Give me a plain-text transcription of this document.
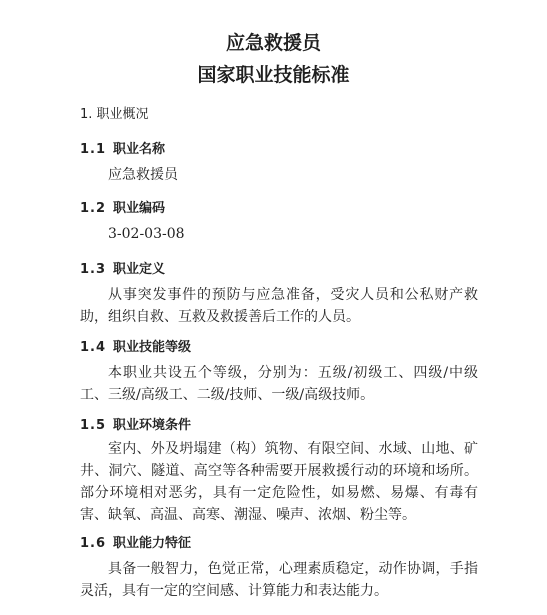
应急救援员
国家职业技能标准
1. 职业概况
1.1 职业名称
应急救援员
1.2 职业编码
3-02-03-08
1.3 职业定义
从事突发事件的预防与应急准备，受灾人员和公私财产救助，组织自救、互救及救援善后工作的人员。
1.4 职业技能等级
本职业共设五个等级，分别为：五级/初级工、四级/中级工、三级/高级工、二级/技师、一级/高级技师。
1.5 职业环境条件
室内、外及坍塌建（构）筑物、有限空间、水域、山地、矿井、洞穴、隧道、高空等各种需要开展救援行动的环境和场所。部分环境相对恶劣，具有一定危险性，如易燃、易爆、有毒有害、缺氧、高温、高寒、潮湿、噪声、浓烟、粉尘等。
1.6 职业能力特征
具备一般智力，色觉正常，心理素质稳定，动作协调，手指灵活，具有一定的空间感、计算能力和表达能力。
